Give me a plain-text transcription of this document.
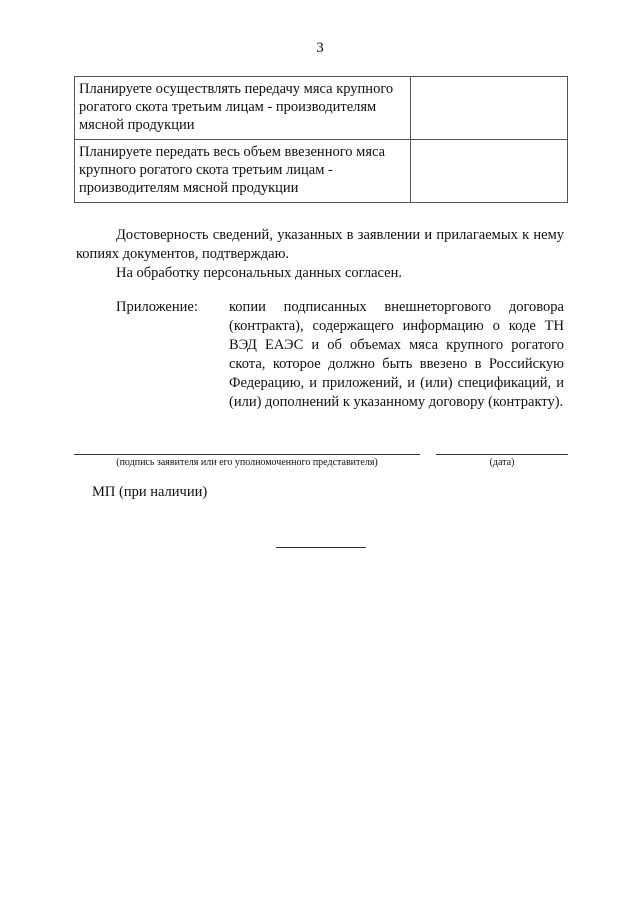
3
Планируете осуществлять передачу мяса крупного рогатого скота третьим лицам - производителям мясной продукции	
Планируете передать весь объем ввезенного мяса крупного рогатого скота третьим лицам - производителям мясной продукции	
Достоверность сведений, указанных в заявлении и прилагаемых к нему копиях документов, подтверждаю.
На обработку персональных данных согласен.
Приложение: копии подписанных внешнеторгового договора (контракта), содержащего информацию о коде ТН ВЭД ЕАЭС и об объемах мяса крупного рогатого скота, которое должно быть ввезено в Российскую Федерацию, и приложений, и (или) спецификаций, и (или) дополнений к указанному договору (контракту).
(подпись заявителя или его уполномоченного представителя)	(дата)
МП (при наличии)
